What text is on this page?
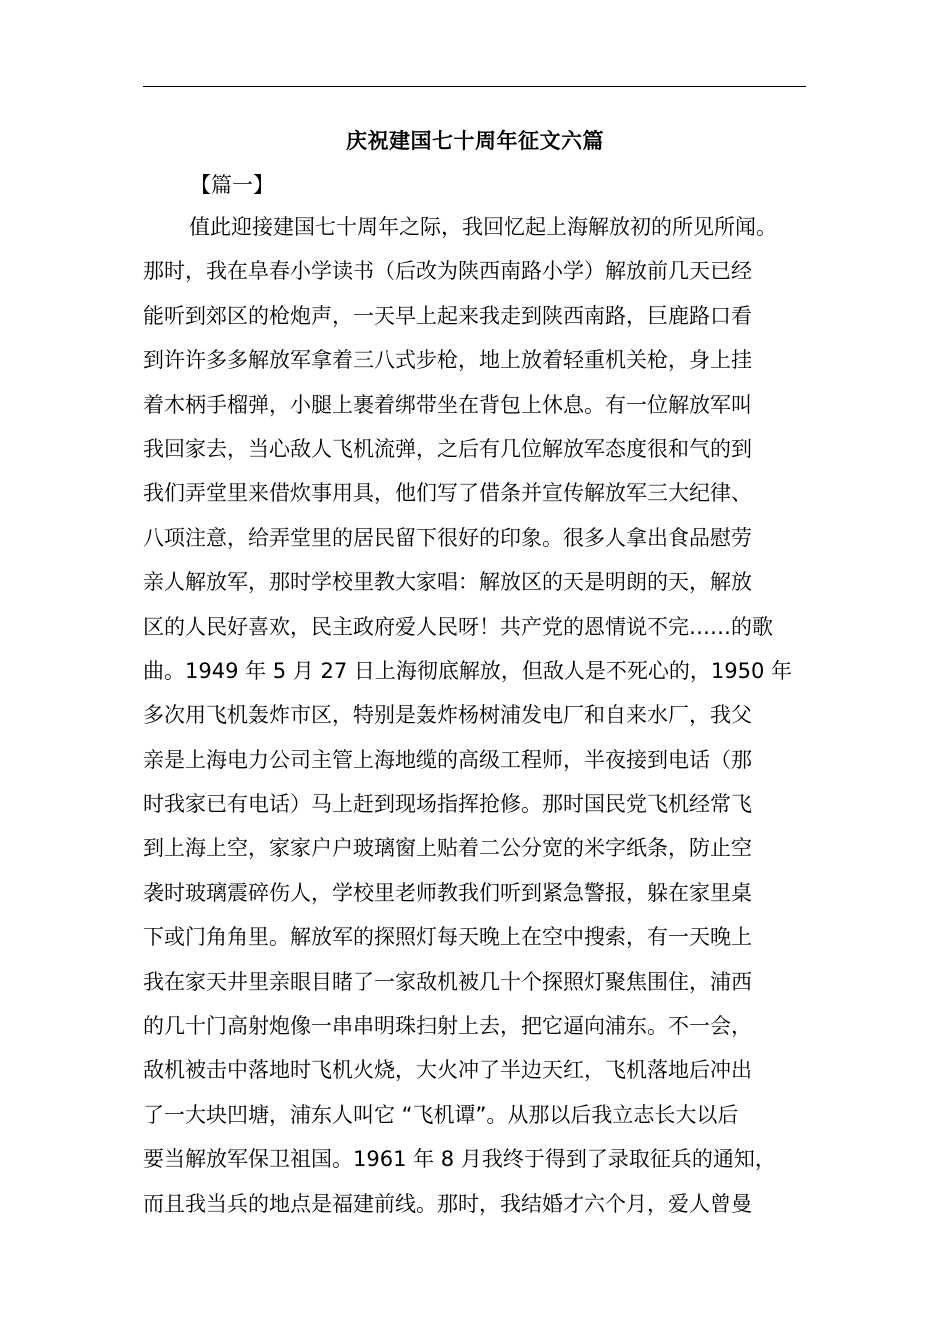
庆祝建国七十周年征文六篇
【篇一】
值此迎接建国七十周年之际，我回忆起上海解放初的所见所闻。
那时，我在阜春小学读书（后改为陕西南路小学）解放前几天已经
能听到郊区的枪炮声，一天早上起来我走到陕西南路，巨鹿路口看
到许许多多解放军拿着三八式步枪，地上放着轻重机关枪，身上挂
着木柄手榴弹，小腿上裹着绑带坐在背包上休息。有一位解放军叫
我回家去，当心敌人飞机流弹，之后有几位解放军态度很和气的到
我们弄堂里来借炊事用具，他们写了借条并宣传解放军三大纪律、
八项注意，给弄堂里的居民留下很好的印象。很多人拿出食品慰劳
亲人解放军，那时学校里教大家唱：解放区的天是明朗的天，解放
区的人民好喜欢，民主政府爱人民呀！共产党的恩情说不完……的歌
曲。1949 年 5 月 27 日上海彻底解放，但敌人是不死心的，1950 年
多次用飞机轰炸市区，特别是轰炸杨树浦发电厂和自来水厂，我父
亲是上海电力公司主管上海地缆的高级工程师，半夜接到电话（那
时我家已有电话）马上赶到现场指挥抢修。那时国民党飞机经常飞
到上海上空，家家户户玻璃窗上贴着二公分宽的米字纸条，防止空
袭时玻璃震碎伤人，学校里老师教我们听到紧急警报，躲在家里桌
下或门角角里。解放军的探照灯每天晚上在空中搜索，有一天晚上
我在家天井里亲眼目睹了一家敌机被几十个探照灯聚焦围住，浦西
的几十门高射炮像一串串明珠扫射上去，把它逼向浦东。不一会，
敌机被击中落地时飞机火烧，大火冲了半边天红，飞机落地后冲出
了一大块凹塘，浦东人叫它 “飞机谭”。从那以后我立志长大以后
要当解放军保卫祖国。1961 年 8 月我终于得到了录取征兵的通知，
而且我当兵的地点是福建前线。那时，我结婚才六个月，爱人曾曼
